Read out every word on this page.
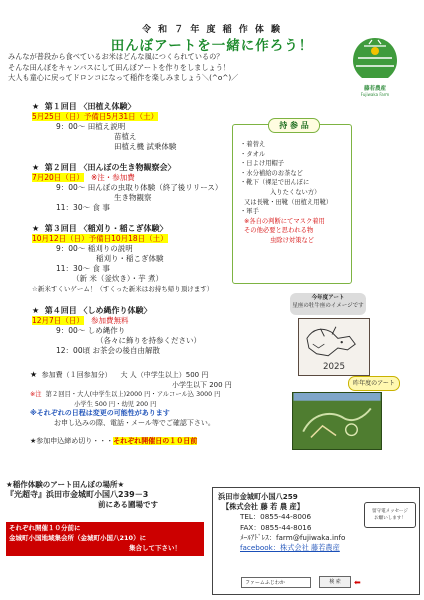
令 和 ７ 年 度 稲 作 体 験
田んぼアートを一緒に作ろう！
みんなが普段から食べているお米はどんな風につくられているの？
そんな田んぼをキャンバスにして田んぼアートを作りをしましょう！
大人も童心に戻ってドロンコになって稲作を楽しみましょう＼(^o^)／
藤若農産
Fujiwaka Farm
★ 第１回目 〈田植え体験〉
5月25日（日）予備日5月31日（土）
9：00～ 田植え説明
苗植え
田植え機 試乗体験
★ 第２回目 〈田んぼの生き物観察会〉
7月20日（日） ※注・参加費
9：00～ 田んぼの虫取り体験（終了後リリース）
生き物観察
11：30～ 食 事
★ 第３回目 〈稲刈り・稲こぎ体験〉
10月12日（日）予備日10月18日（土）
9：00～ 稲刈りの説明
稲刈り・稲こぎ体験
11：30～ 食 事
（新 米（釜炊き）・芋 煮）
☆新米すくいゲーム！（すくった新米はお持ち帰り頂けます）
★ 第４回目 〈しめ縄作り体験〉
12月7日（日） 参加費無料
9：00～ しめ縄作り
（各々に飾りを持参ください）
12：00頃 お茶会の後自由解散
★ 参加費（１回参加分） 大 人（中学生以上）500 円
小学生以下 200 円
※注 第２回目・大人(中学生以上)2000 円・アルコール込 3000 円
小学生 500 円・幼児 200 円
※それぞれの日程は変更の可能性があります
お申し込みの際、電話・メール等でご確認下さい。
★参加申込締め切り・・・それぞれ開催日の１０日前
★稲作体験のアート田んぼの場所★
『光超寺』浜田市金城町小国八239－3
前にある圃場です
それぞれ開催１０分前に
金城町小国地域集会所（金城町小国八210）に
集合して下さい！
持 参 品
・着替え
・タオル
・日よけ用帽子
・水分補給のお茶など
・靴下（裸足で田んぼに
入りたくない方）
又は長靴・田靴（田植え用靴）
・軍手
※各自の判断にてマスク着用
その他必要と思われる物
虫除け対策など
今年度アート
星座の牡牛座のイメージです
2025
昨年度のアート
浜田市金城町小国八259
【株式会社 藤 若 農 産】
TEL：0855-44-8006
FAX：0855-44-8016
ﾒｰﾙｱﾄﾞﾚｽ：farm@fujiwaka.info
facebook：株式会社 藤若農産
ファームふじわか	検 索	⬅
留守電メッセージ
お願いします！
